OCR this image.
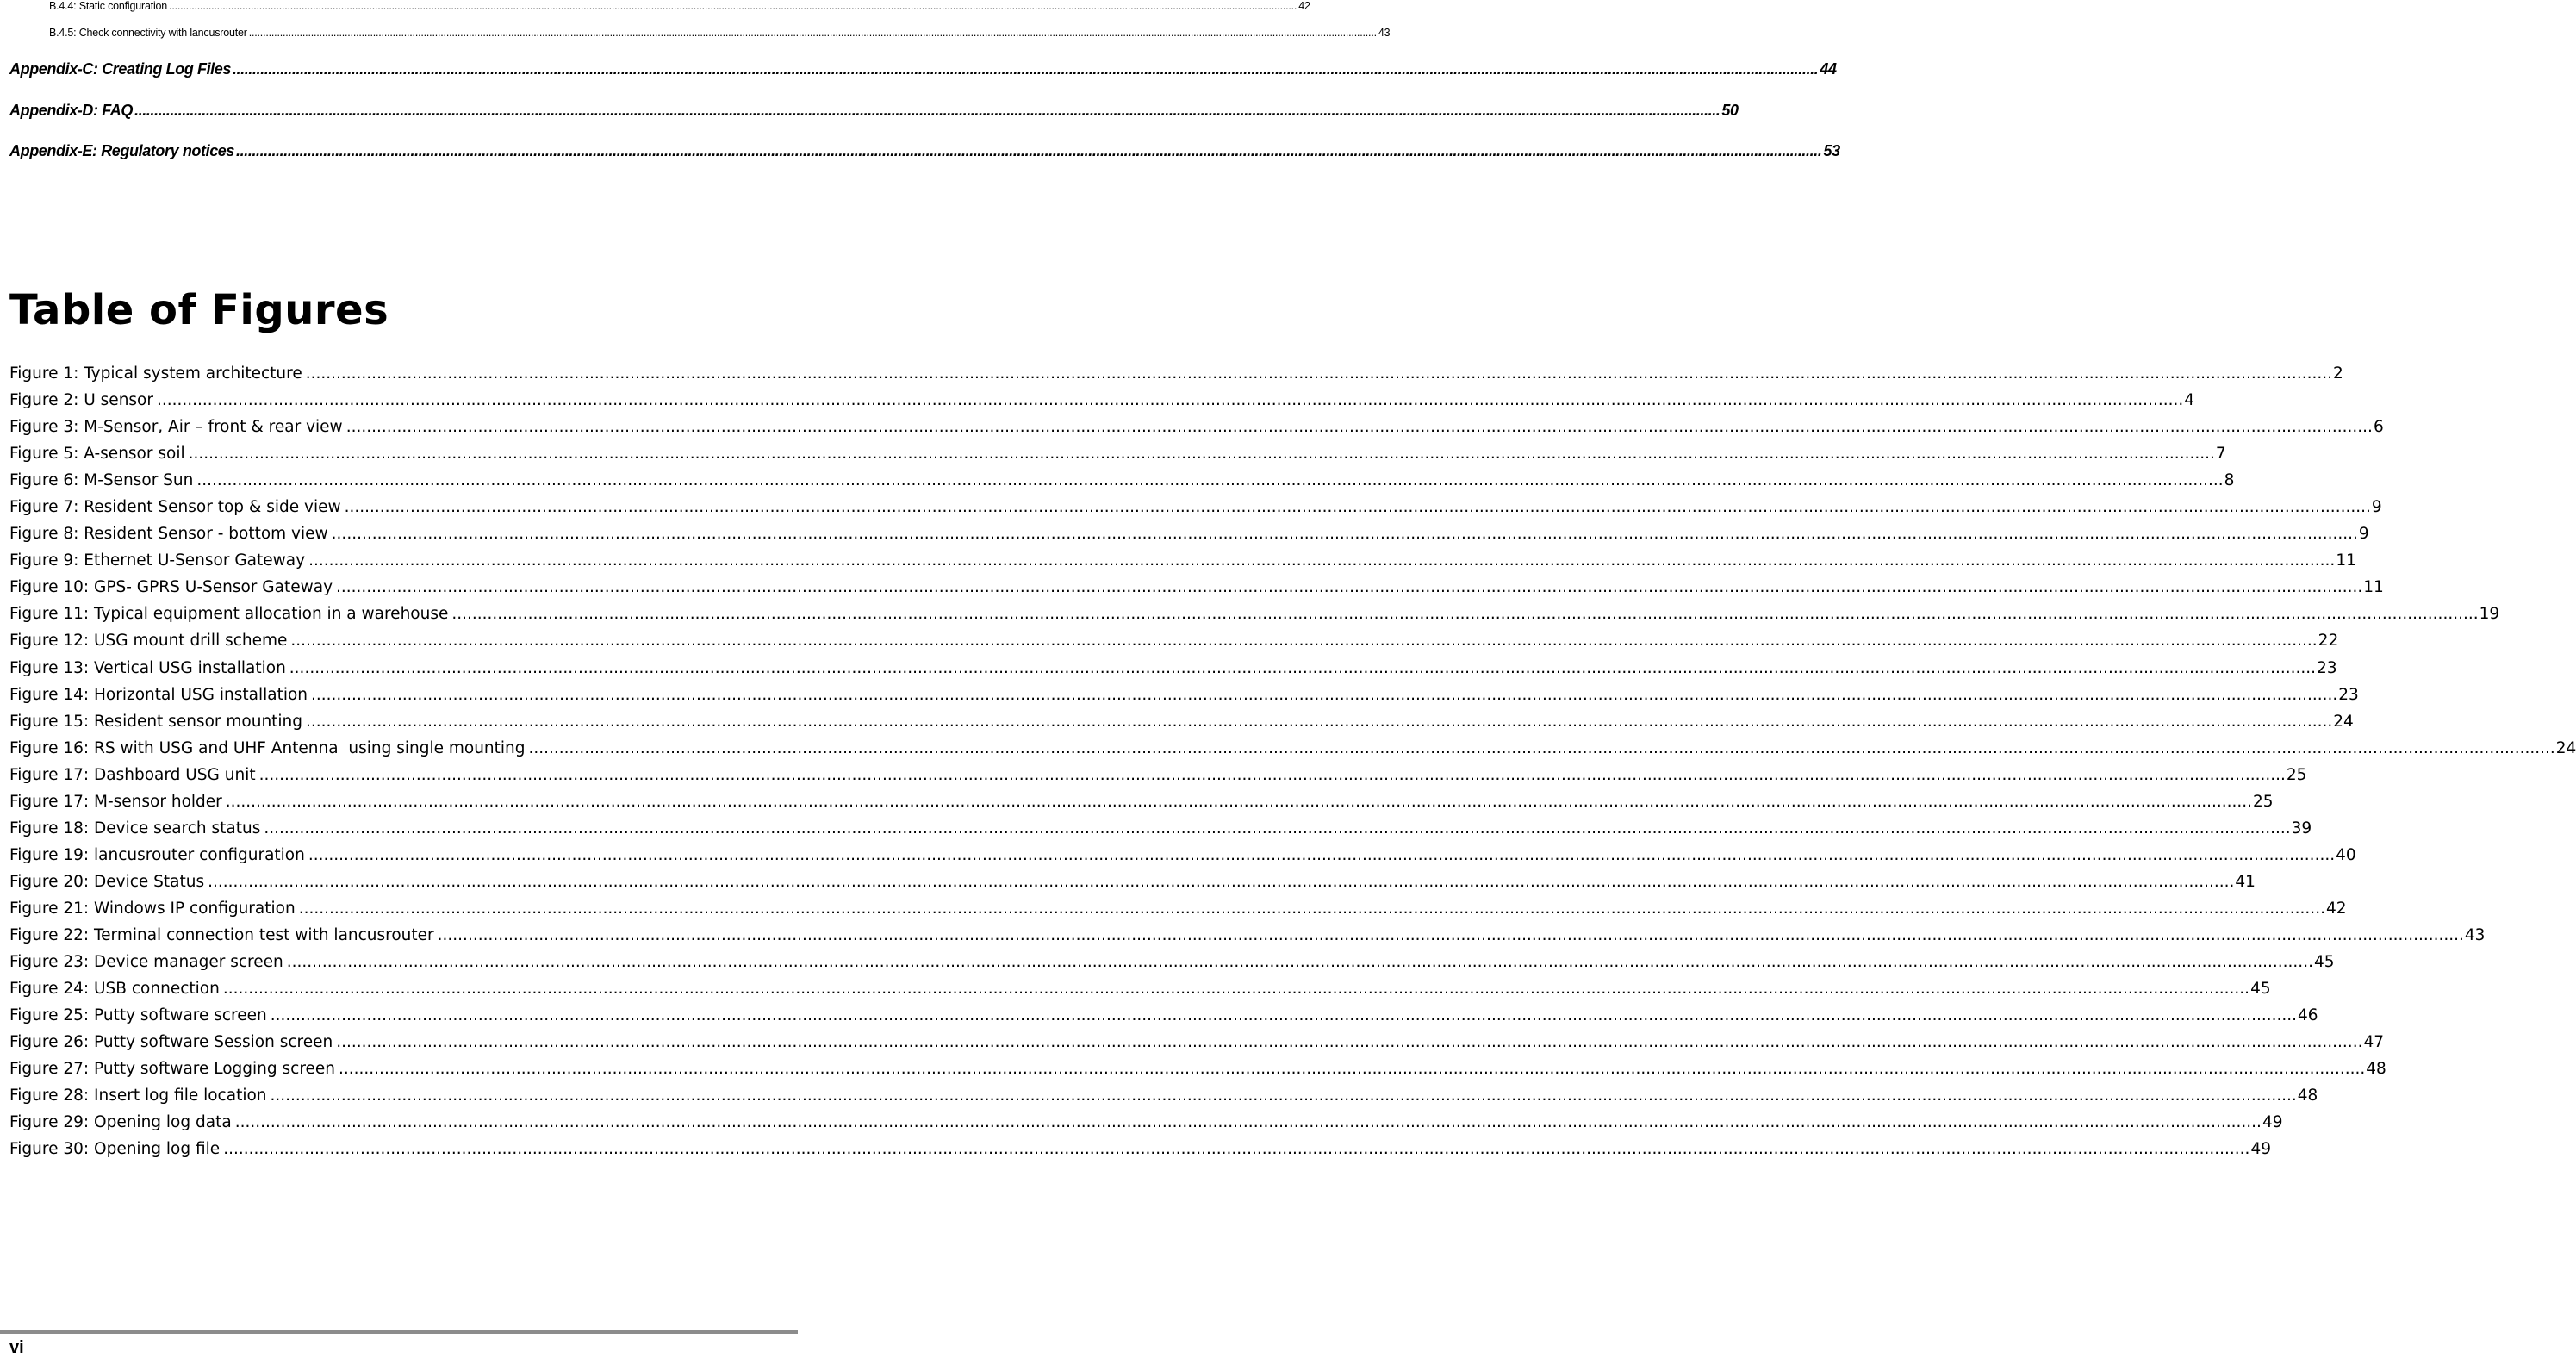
B.4.4: Static configuration ................................................................................................................................................................................................................................................................................................................................................................................................................ 42
B.4.5: Check connectivity with lancusrouter ................................................................................................................................................................................................................................................................................................................................................................................................................ 43
Appendix-C: Creating Log Files ................................................................................................................................................................................................................................................................................................................................................................................................................ 44
Appendix-D: FAQ ................................................................................................................................................................................................................................................................................................................................................................................................................ 50
Appendix-E: Regulatory notices ................................................................................................................................................................................................................................................................................................................................................................................................................ 53
Table of Figures
Figure 1: Typical system architecture ................................................................................................................................................................................................................................................................................................................................................................................................................ 2
Figure 2: U sensor ................................................................................................................................................................................................................................................................................................................................................................................................................ 4
Figure 3: M-Sensor, Air – front & rear view ................................................................................................................................................................................................................................................................................................................................................................................................................ 6
Figure 5: A-sensor soil ................................................................................................................................................................................................................................................................................................................................................................................................................ 7
Figure 6: M-Sensor Sun ................................................................................................................................................................................................................................................................................................................................................................................................................ 8
Figure 7: Resident Sensor top & side view ................................................................................................................................................................................................................................................................................................................................................................................................................ 9
Figure 8: Resident Sensor - bottom view ................................................................................................................................................................................................................................................................................................................................................................................................................ 9
Figure 9: Ethernet U-Sensor Gateway ................................................................................................................................................................................................................................................................................................................................................................................................................ 11
Figure 10: GPS- GPRS U-Sensor Gateway ................................................................................................................................................................................................................................................................................................................................................................................................................ 11
Figure 11: Typical equipment allocation in a warehouse ................................................................................................................................................................................................................................................................................................................................................................................................................ 19
Figure 12: USG mount drill scheme ................................................................................................................................................................................................................................................................................................................................................................................................................ 22
Figure 13: Vertical USG installation ................................................................................................................................................................................................................................................................................................................................................................................................................ 23
Figure 14: Horizontal USG installation ................................................................................................................................................................................................................................................................................................................................................................................................................ 23
Figure 15: Resident sensor mounting ................................................................................................................................................................................................................................................................................................................................................................................................................ 24
Figure 16: RS with USG and UHF Antenna  using single mounting ................................................................................................................................................................................................................................................................................................................................................................................................................ 24
Figure 17: Dashboard USG unit ................................................................................................................................................................................................................................................................................................................................................................................................................ 25
Figure 17: M-sensor holder ................................................................................................................................................................................................................................................................................................................................................................................................................ 25
Figure 18: Device search status ................................................................................................................................................................................................................................................................................................................................................................................................................ 39
Figure 19: lancusrouter configuration ................................................................................................................................................................................................................................................................................................................................................................................................................ 40
Figure 20: Device Status ................................................................................................................................................................................................................................................................................................................................................................................................................ 41
Figure 21: Windows IP configuration ................................................................................................................................................................................................................................................................................................................................................................................................................ 42
Figure 22: Terminal connection test with lancusrouter ................................................................................................................................................................................................................................................................................................................................................................................................................ 43
Figure 23: Device manager screen ................................................................................................................................................................................................................................................................................................................................................................................................................ 45
Figure 24: USB connection ................................................................................................................................................................................................................................................................................................................................................................................................................ 45
Figure 25: Putty software screen ................................................................................................................................................................................................................................................................................................................................................................................................................ 46
Figure 26: Putty software Session screen ................................................................................................................................................................................................................................................................................................................................................................................................................ 47
Figure 27: Putty software Logging screen ................................................................................................................................................................................................................................................................................................................................................................................................................ 48
Figure 28: Insert log file location ................................................................................................................................................................................................................................................................................................................................................................................................................ 48
Figure 29: Opening log data ................................................................................................................................................................................................................................................................................................................................................................................................................ 49
Figure 30: Opening log file ................................................................................................................................................................................................................................................................................................................................................................................................................ 49
vi
